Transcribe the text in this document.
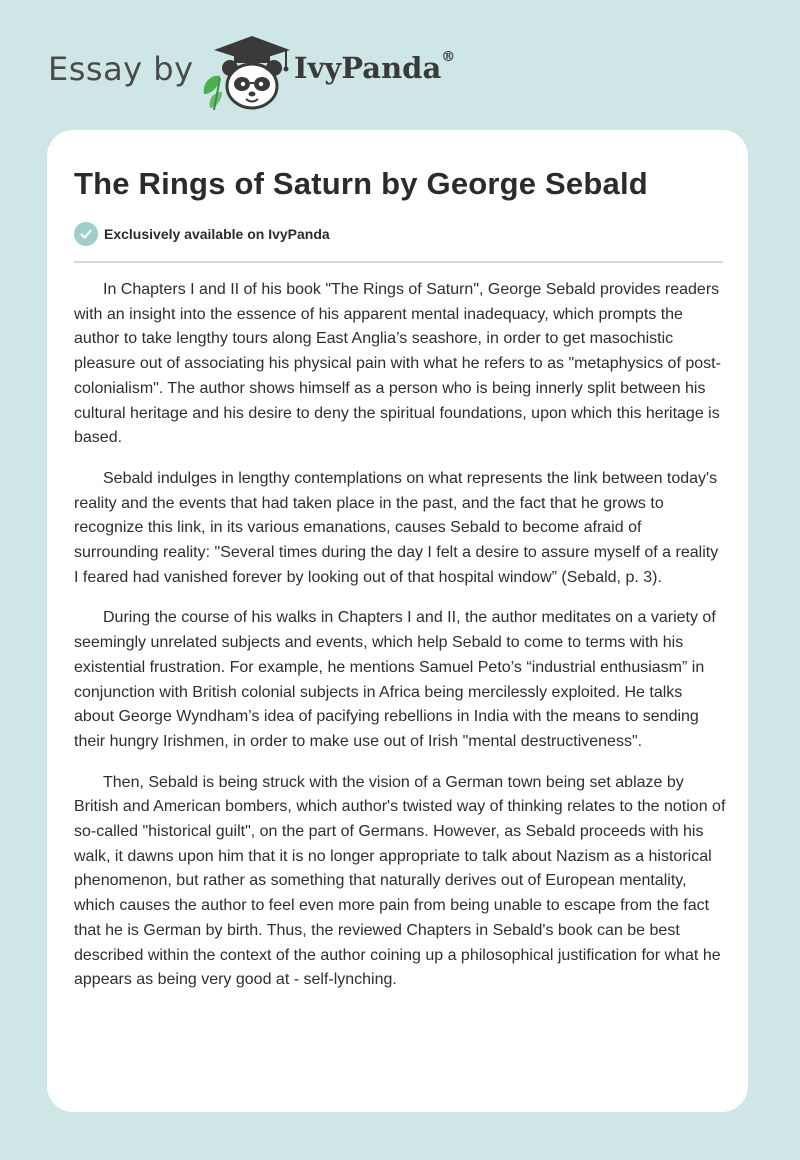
Essay by	IvyPanda®
The Rings of Saturn by George Sebald
Exclusively available on IvyPanda

In Chapters I and II of his book "The Rings of Saturn", George Sebald provides readers with an insight into the essence of his apparent mental inadequacy, which prompts the author to take lengthy tours along East Anglia’s seashore, in order to get masochistic pleasure out of associating his physical pain with what he refers to as "metaphysics of post-colonialism". The author shows himself as a person who is being innerly split between his cultural heritage and his desire to deny the spiritual foundations, upon which this heritage is based.

Sebald indulges in lengthy contemplations on what represents the link between today's reality and the events that had taken place in the past, and the fact that he grows to recognize this link, in its various emanations, causes Sebald to become afraid of surrounding reality: "Several times during the day I felt a desire to assure myself of a reality I feared had vanished forever by looking out of that hospital window” (Sebald, p. 3).

During the course of his walks in Chapters I and II, the author meditates on a variety of seemingly unrelated subjects and events, which help Sebald to come to terms with his existential frustration. For example, he mentions Samuel Peto’s “industrial enthusiasm” in conjunction with British colonial subjects in Africa being mercilessly exploited. He talks about George Wyndham’s idea of pacifying rebellions in India with the means to sending their hungry Irishmen, in order to make use out of Irish "mental destructiveness".

Then, Sebald is being struck with the vision of a German town being set ablaze by British and American bombers, which author's twisted way of thinking relates to the notion of so-called "historical guilt", on the part of Germans. However, as Sebald proceeds with his walk, it dawns upon him that it is no longer appropriate to talk about Nazism as a historical phenomenon, but rather as something that naturally derives out of European mentality, which causes the author to feel even more pain from being unable to escape from the fact that he is German by birth. Thus, the reviewed Chapters in Sebald's book can be best described within the context of the author coining up a philosophical justification for what he appears as being very good at - self-lynching.
